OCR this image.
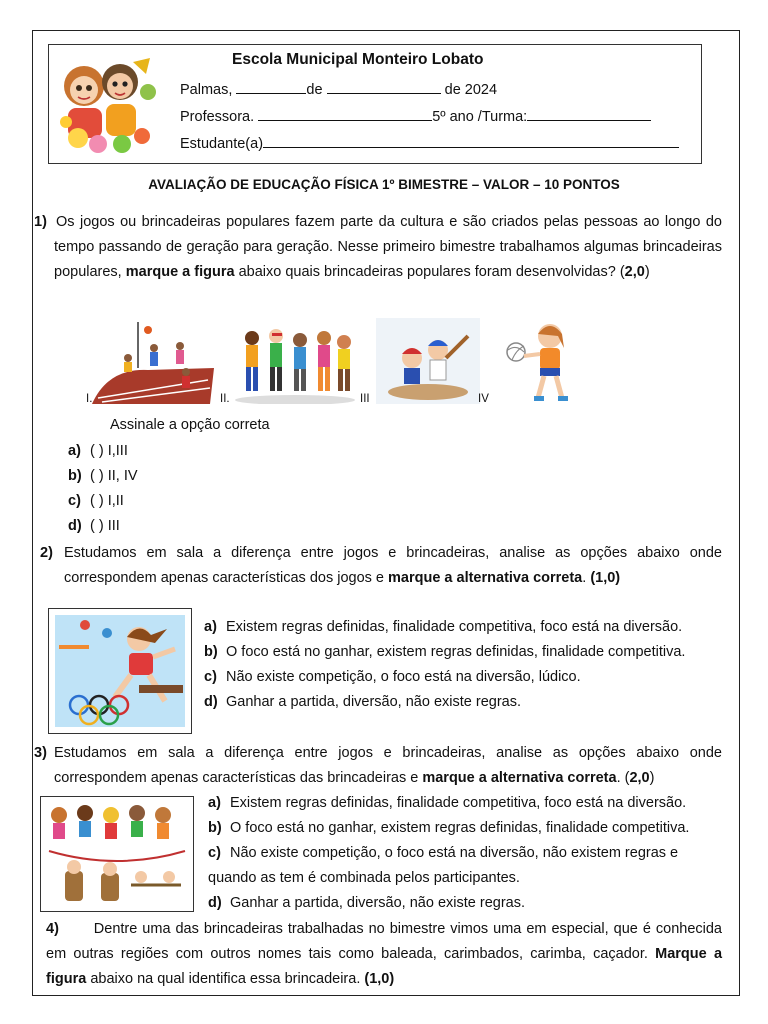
Escola Municipal Monteiro Lobato
Palmas,	de	de 2024
Professora.	5º ano /Turma:
Estudante(a)
AVALIAÇÃO DE EDUCAÇÃO FÍSICA 1º BIMESTRE – VALOR – 10 PONTOS
1) Os jogos ou brincadeiras populares fazem parte da cultura e são criados pelas pessoas ao longo do tempo passando de geração para geração. Nesse primeiro bimestre trabalhamos algumas brincadeiras populares, marque a figura abaixo quais brincadeiras populares foram desenvolvidas? (2,0)
I.	II.	III	IV
Assinale a opção correta
a) ( ) I,III
b) ( ) II, IV
c) ( ) I,II
d) ( ) III
2) Estudamos em sala a diferença entre jogos e brincadeiras, analise as opções abaixo onde correspondem apenas características dos jogos e marque a alternativa correta. (1,0)
a) Existem regras definidas, finalidade competitiva, foco está na diversão.
b) O foco está no ganhar, existem regras definidas, finalidade competitiva.
c) Não existe competição, o foco está na diversão, lúdico.
d) Ganhar a partida, diversão, não existe regras.
3) Estudamos em sala a diferença entre jogos e brincadeiras, analise as opções abaixo onde correspondem apenas características das brincadeiras e marque a alternativa correta. (2,0)
a) Existem regras definidas, finalidade competitiva, foco está na diversão.
b) O foco está no ganhar, existem regras definidas, finalidade competitiva.
c) Não existe competição, o foco está na diversão, não existem regras e
quando as tem é combinada pelos participantes.
d) Ganhar a partida, diversão, não existe regras.
4) Dentre uma das brincadeiras trabalhadas no bimestre vimos uma em especial, que é conhecida em outras regiões com outros nomes tais como baleada, carimbados, carimba, caçador. Marque a figura abaixo na qual identifica essa brincadeira. (1,0)
